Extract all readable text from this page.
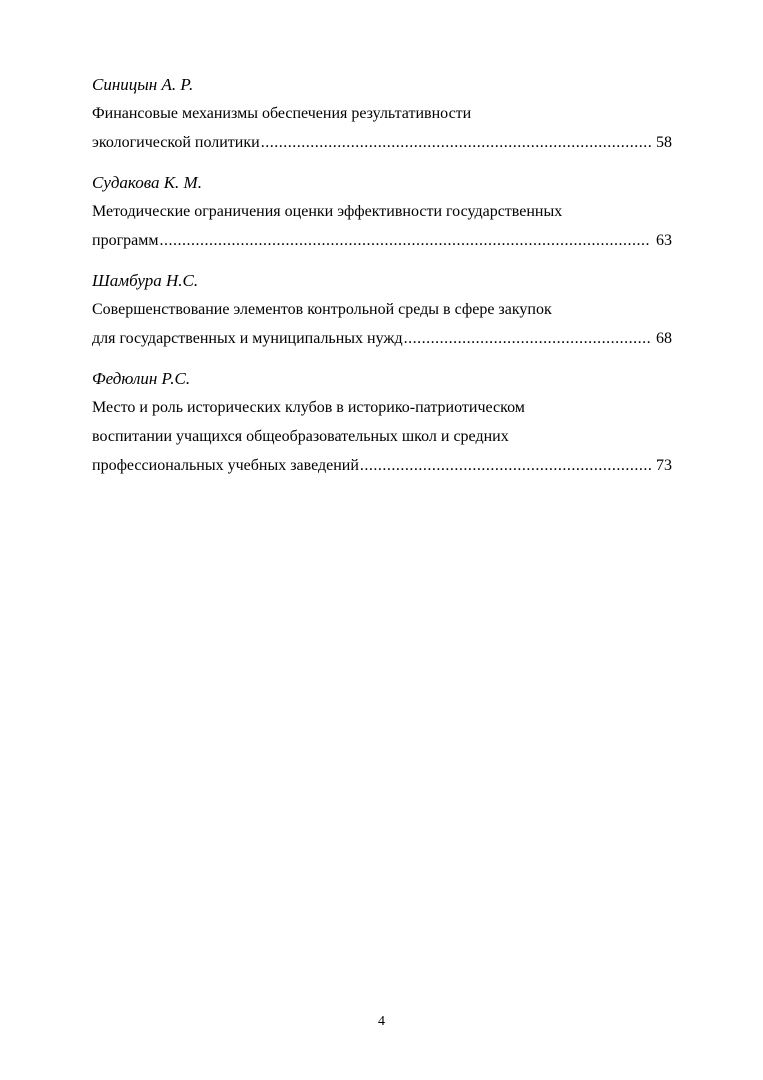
Синицын А. Р.
Финансовые механизмы обеспечения результативности
экологической политики .....	58
Судакова К. М.
Методические ограничения оценки эффективности государственных
программ .....	63
Шамбура Н.С.
Совершенствование элементов контрольной среды в сфере закупок
для государственных и муниципальных нужд .....	68
Федюлин Р.С.
Место и роль исторических клубов в историко-патриотическом
воспитании учащихся общеобразовательных школ и средних
профессиональных учебных заведений .....	73
4
